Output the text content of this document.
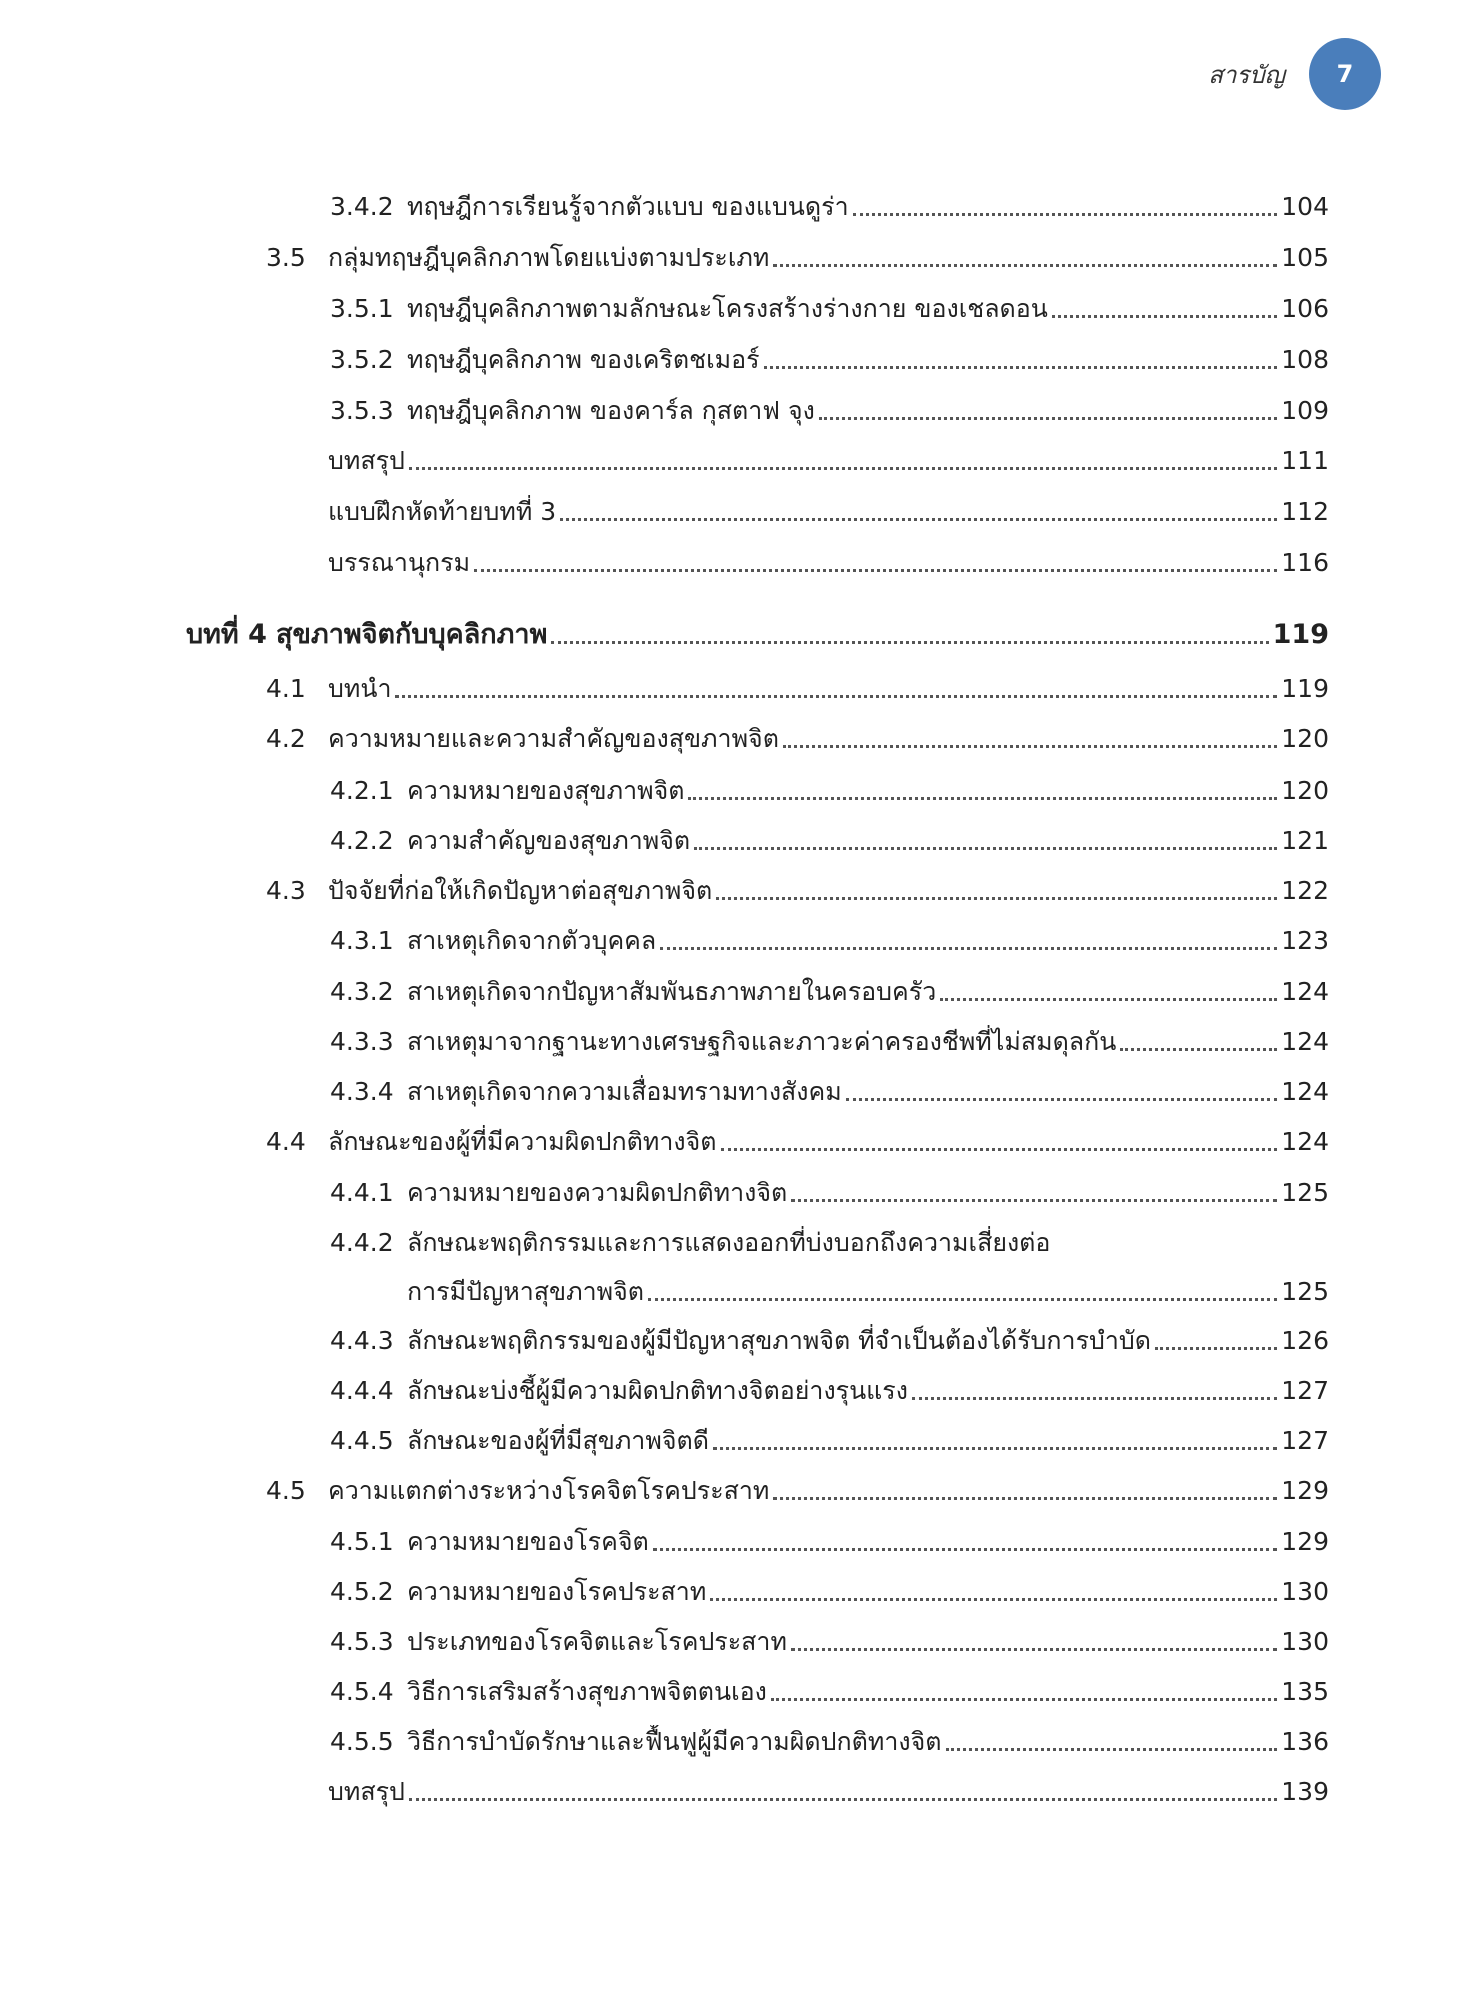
สารบัญ 7
3.4.2 ทฤษฎีการเรียนรู้จากตัวแบบ ของแบนดูร่า	104
3.5 กลุ่มทฤษฎีบุคลิกภาพโดยแบ่งตามประเภท	105
3.5.1 ทฤษฎีบุคลิกภาพตามลักษณะโครงสร้างร่างกาย ของเชลดอน	106
3.5.2 ทฤษฎีบุคลิกภาพ ของเคริตชเมอร์	108
3.5.3 ทฤษฎีบุคลิกภาพ ของคาร์ล กุสตาฟ จุง	109
บทสรุป	111
แบบฝึกหัดท้ายบทที่ 3	112
บรรณานุกรม	116
บทที่ 4 สุขภาพจิตกับบุคลิกภาพ	119
4.1 บทนำ	119
4.2 ความหมายและความสำคัญของสุขภาพจิต	120
4.2.1 ความหมายของสุขภาพจิต	120
4.2.2 ความสำคัญของสุขภาพจิต	121
4.3 ปัจจัยที่ก่อให้เกิดปัญหาต่อสุขภาพจิต	122
4.3.1 สาเหตุเกิดจากตัวบุคคล	123
4.3.2 สาเหตุเกิดจากปัญหาสัมพันธภาพภายในครอบครัว	124
4.3.3 สาเหตุมาจากฐานะทางเศรษฐกิจและภาวะค่าครองชีพที่ไม่สมดุลกัน	124
4.3.4 สาเหตุเกิดจากความเสื่อมทรามทางสังคม	124
4.4 ลักษณะของผู้ที่มีความผิดปกติทางจิต	124
4.4.1 ความหมายของความผิดปกติทางจิต	125
4.4.2 ลักษณะพฤติกรรมและการแสดงออกที่บ่งบอกถึงความเสี่ยงต่อ
การมีปัญหาสุขภาพจิต	125
4.4.3 ลักษณะพฤติกรรมของผู้มีปัญหาสุขภาพจิต ที่จำเป็นต้องได้รับการบำบัด	126
4.4.4 ลักษณะบ่งชี้ผู้มีความผิดปกติทางจิตอย่างรุนแรง	127
4.4.5 ลักษณะของผู้ที่มีสุขภาพจิตดี	127
4.5 ความแตกต่างระหว่างโรคจิตโรคประสาท	129
4.5.1 ความหมายของโรคจิต	129
4.5.2 ความหมายของโรคประสาท	130
4.5.3 ประเภทของโรคจิตและโรคประสาท	130
4.5.4 วิธีการเสริมสร้างสุขภาพจิตตนเอง	135
4.5.5 วิธีการบำบัดรักษาและฟื้นฟูผู้มีความผิดปกติทางจิต	136
บทสรุป	139
